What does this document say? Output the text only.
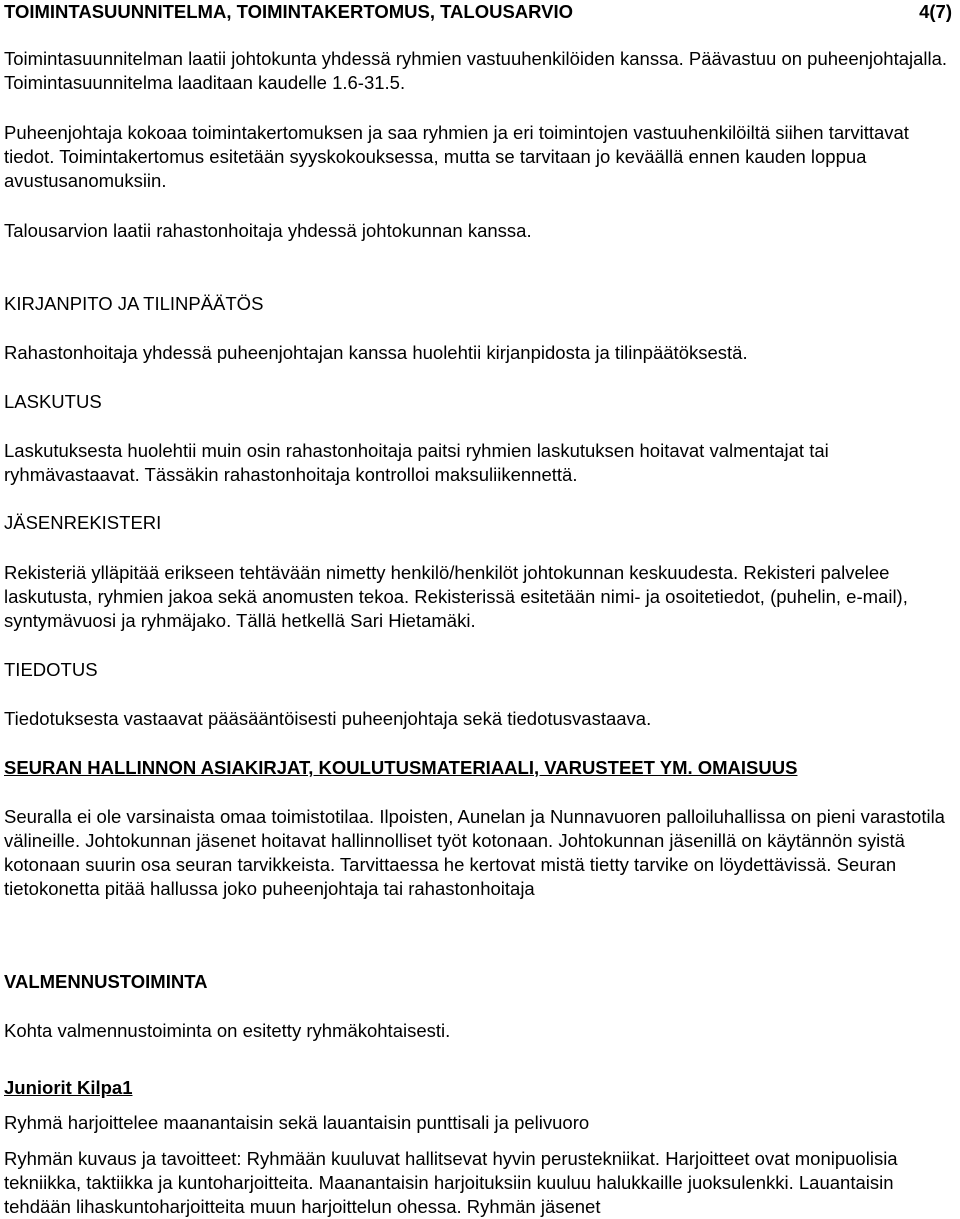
TOIMINTASUUNNITELMA, TOIMINTAKERTOMUS, TALOUSARVIO	4(7)

Toimintasuunnitelman laatii johtokunta yhdessä ryhmien vastuuhenkilöiden kanssa. Päävastuu on puheenjohtajalla. Toimintasuunnitelma laaditaan kaudelle 1.6-31.5.

Puheenjohtaja kokoaa toimintakertomuksen ja saa ryhmien ja eri toimintojen vastuuhenkilöiltä siihen tarvittavat tiedot. Toimintakertomus esitetään syyskokouksessa, mutta se tarvitaan jo keväällä ennen kauden loppua avustusanomuksiin.

Talousarvion laatii rahastonhoitaja yhdessä johtokunnan kanssa.

KIRJANPITO JA TILINPÄÄTÖS

Rahastonhoitaja yhdessä puheenjohtajan kanssa huolehtii kirjanpidosta ja tilinpäätöksestä.

LASKUTUS

Laskutuksesta huolehtii muin osin rahastonhoitaja paitsi ryhmien laskutuksen hoitavat valmentajat tai ryhmävastaavat. Tässäkin rahastonhoitaja kontrolloi maksuliikennettä.

JÄSENREKISTERI

Rekisteriä ylläpitää erikseen tehtävään nimetty henkilö/henkilöt johtokunnan keskuudesta. Rekisteri palvelee laskutusta, ryhmien jakoa sekä anomusten tekoa. Rekisterissä esitetään nimi- ja osoitetiedot, (puhelin, e-mail), syntymävuosi ja ryhmäjako. Tällä hetkellä Sari Hietamäki.

TIEDOTUS

Tiedotuksesta vastaavat pääsääntöisesti puheenjohtaja sekä tiedotusvastaava.

SEURAN HALLINNON ASIAKIRJAT, KOULUTUSMATERIAALI, VARUSTEET YM. OMAISUUS

Seuralla ei ole varsinaista omaa toimistotilaa. Ilpoisten, Aunelan ja Nunnavuoren palloiluhallissa on pieni varastotila välineille. Johtokunnan jäsenet hoitavat hallinnolliset työt kotonaan. Johtokunnan jäsenillä on käytännön syistä kotonaan suurin osa seuran tarvikkeista. Tarvittaessa he kertovat mistä tietty tarvike on löydettävissä. Seuran tietokonetta pitää hallussa joko puheenjohtaja tai rahastonhoitaja

VALMENNUSTOIMINTA

Kohta valmennustoiminta on esitetty ryhmäkohtaisesti.

Juniorit Kilpa1

Ryhmä harjoittelee maanantaisin sekä lauantaisin punttisali ja pelivuoro

Ryhmän kuvaus ja tavoitteet: Ryhmään kuuluvat hallitsevat hyvin perustekniikat. Harjoitteet ovat monipuolisia tekniikka, taktiikka ja kuntoharjoitteita. Maanantaisin harjoituksiin kuuluu halukkaille juoksulenkki. Lauantaisin tehdään lihaskuntoharjoitteita muun harjoittelun ohessa. Ryhmän jäsenet
